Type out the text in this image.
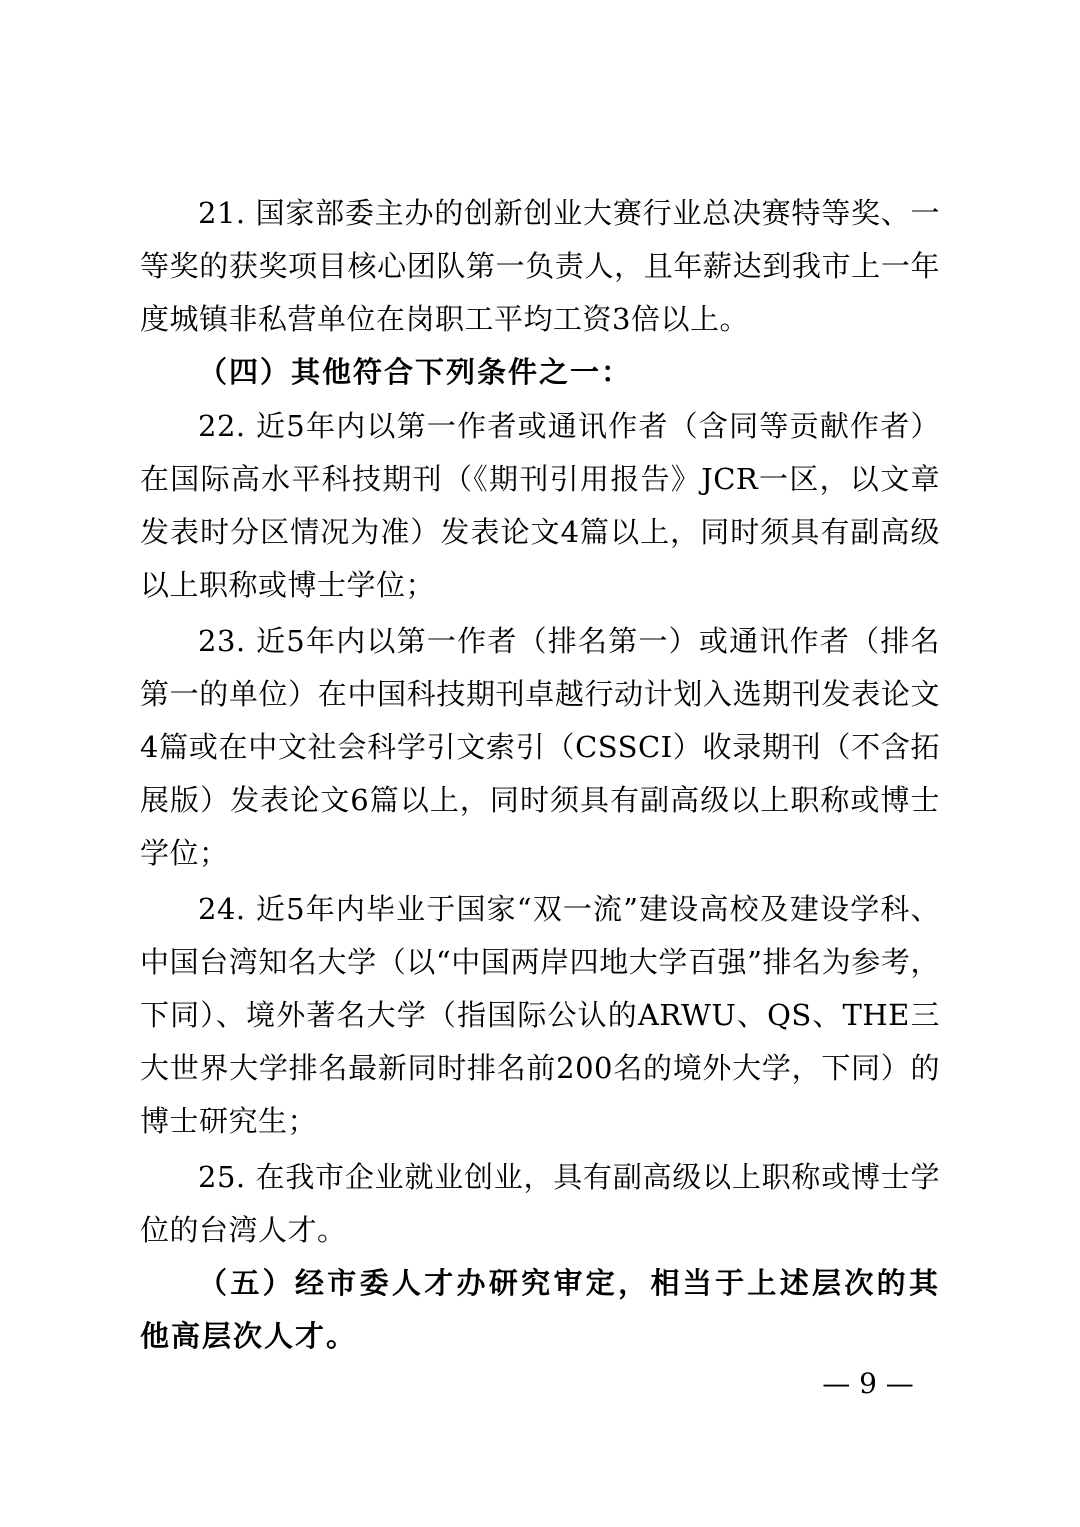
21. 国家部委主办的创新创业大赛行业总决赛特等奖、一等奖的获奖项目核心团队第一负责人，且年薪达到我市上一年度城镇非私营单位在岗职工平均工资3倍以上。

（四）其他符合下列条件之一：

22. 近5年内以第一作者或通讯作者（含同等贡献作者）在国际高水平科技期刊（《期刊引用报告》JCR一区，以文章发表时分区情况为准）发表论文4篇以上，同时须具有副高级以上职称或博士学位；

23. 近5年内以第一作者（排名第一）或通讯作者（排名第一的单位）在中国科技期刊卓越行动计划入选期刊发表论文4篇或在中文社会科学引文索引（CSSCI）收录期刊（不含拓展版）发表论文6篇以上，同时须具有副高级以上职称或博士学位；

24. 近5年内毕业于国家“双一流”建设高校及建设学科、中国台湾知名大学（以“中国两岸四地大学百强”排名为参考，下同）、境外著名大学（指国际公认的ARWU、QS、THE三大世界大学排名最新同时排名前200名的境外大学，下同）的博士研究生；

25. 在我市企业就业创业，具有副高级以上职称或博士学位的台湾人才。

（五）经市委人才办研究审定，相当于上述层次的其他高层次人才。

— 9 —
